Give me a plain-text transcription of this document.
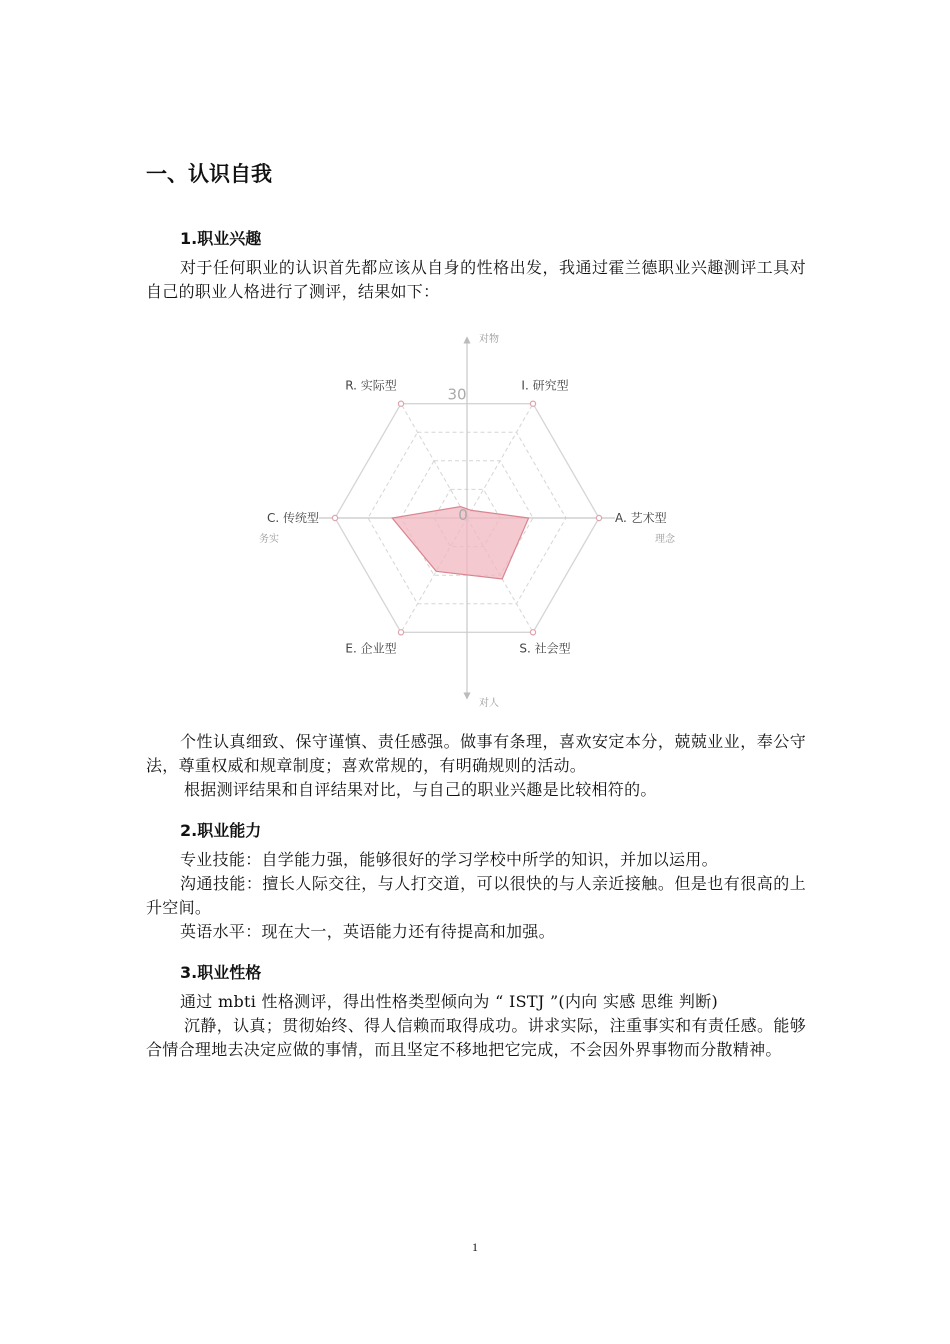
一、认识自我
1.职业兴趣

对于任何职业的认识首先都应该从自身的性格出发，我通过霍兰德职业兴趣测评工具对自己的职业人格进行了测评，结果如下：

R. 实际型	I. 研究型
A. 艺术型
S. 社会型
E. 企业型
C. 传统型
对物
对人
务实	理念
30
0

个性认真细致、保守谨慎、责任感强。做事有条理，喜欢安定本分，兢兢业业，奉公守法，尊重权威和规章制度；喜欢常规的，有明确规则的活动。

根据测评结果和自评结果对比，与自己的职业兴趣是比较相符的。

2.职业能力

专业技能：自学能力强，能够很好的学习学校中所学的知识，并加以运用。

沟通技能：擅长人际交往，与人打交道，可以很快的与人亲近接触。但是也有很高的上升空间。

英语水平：现在大一，英语能力还有待提高和加强。

3.职业性格

通过 mbti 性格测评，得出性格类型倾向为 “ ISTJ ”(内向 实感 思维 判断)

沉静，认真；贯彻始终、得人信赖而取得成功。讲求实际，注重事实和有责任感。能够合情合理地去决定应做的事情，而且坚定不移地把它完成，不会因外界事物而分散精神。

1
